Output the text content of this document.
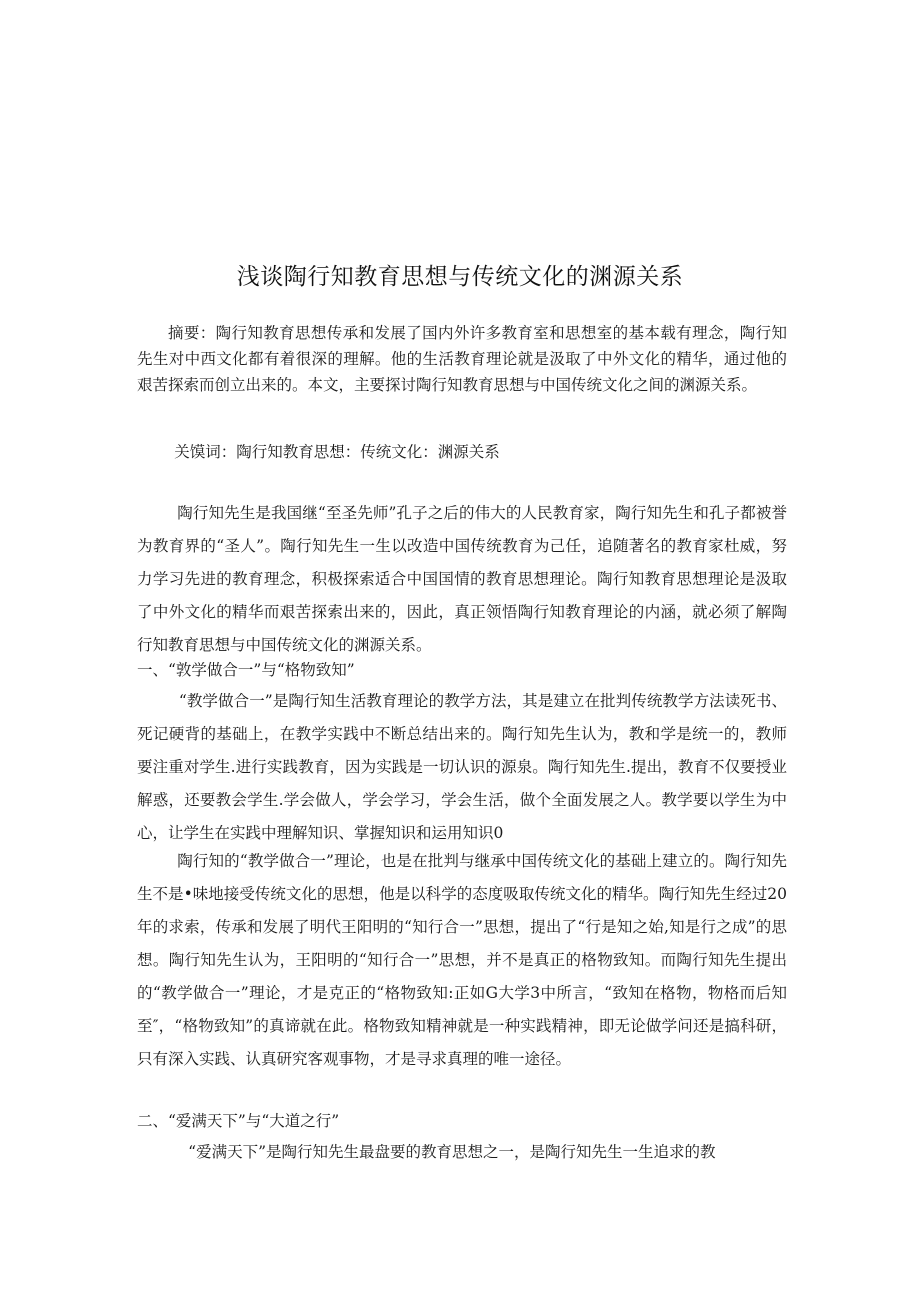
浅谈陶行知教育思想与传统文化的渊源关系
摘要：陶行知教育思想传承和发展了国内外许多教育室和思想室的基本载有理念，陶行知先生对中西文化都有着很深的理解。他的生活教育理论就是汲取了中外文化的精华，通过他的艰苦探索而创立出来的。本文，主要探讨陶行知教育思想与中国传统文化之间的渊源关系。
关馍词：陶行知教育思想：传统文化：渊源关系
陶行知先生是我国继“至圣先师”孔子之后的伟大的人民教育家，陶行知先生和孔子都被誉为教育界的“圣人”。陶行知先生一生以改造中国传统教育为己任，追随著名的教育家杜威，努力学习先进的教育理念，积极探索适合中国国情的教育思想理论。陶行知教育思想理论是汲取了中外文化的精华而艰苦探索出来的，因此，真正领悟陶行知教育理论的内涵，就必须了解陶行知教育思想与中国传统文化的渊源关系。
一、“敦学做合一”与“格物致知”
“教学做合一”是陶行知生活教育理论的教学方法，其是建立在批判传统教学方法读死书、死记硬背的基础上，在教学实践中不断总结出来的。陶行知先生认为，教和学是统一的，教师要注重对学生.进行实践教育，因为实践是一切认识的源泉。陶行知先生.提出，教育不仅要授业解惑，还要教会学生.学会做人，学会学习，学会生活，做个全面发展之人。教学要以学生为中心，让学生在实践中理解知识、掌握知识和运用知识0
陶行知的“教学做合一”理论，也是在批判与继承中国传统文化的基础上建立的。陶行知先生不是•味地接受传统文化的思想，他是以科学的态度吸取传统文化的精华。陶行知先生经过20年的求索，传承和发展了明代王阳明的“知行合一”思想，提出了“行是知之始,知是行之成”的思想。陶行知先生认为，王阳明的“知行合一”思想，并不是真正的格物致知。而陶行知先生提出的“教学做合一”理论，才是克正的“格物致知:正如G大学3中所言，“致知在格物，物格而后知至″，“格物致知”的真谛就在此。格物致知精神就是一种实践精神，即无论做学问还是搞科研，只有深入实践、认真研究客观事物，才是寻求真理的唯一途径。
二、“爱满天下”与“大道之行”
“爱满天下”是陶行知先生最盘要的教育思想之一，是陶行知先生一生追求的教
